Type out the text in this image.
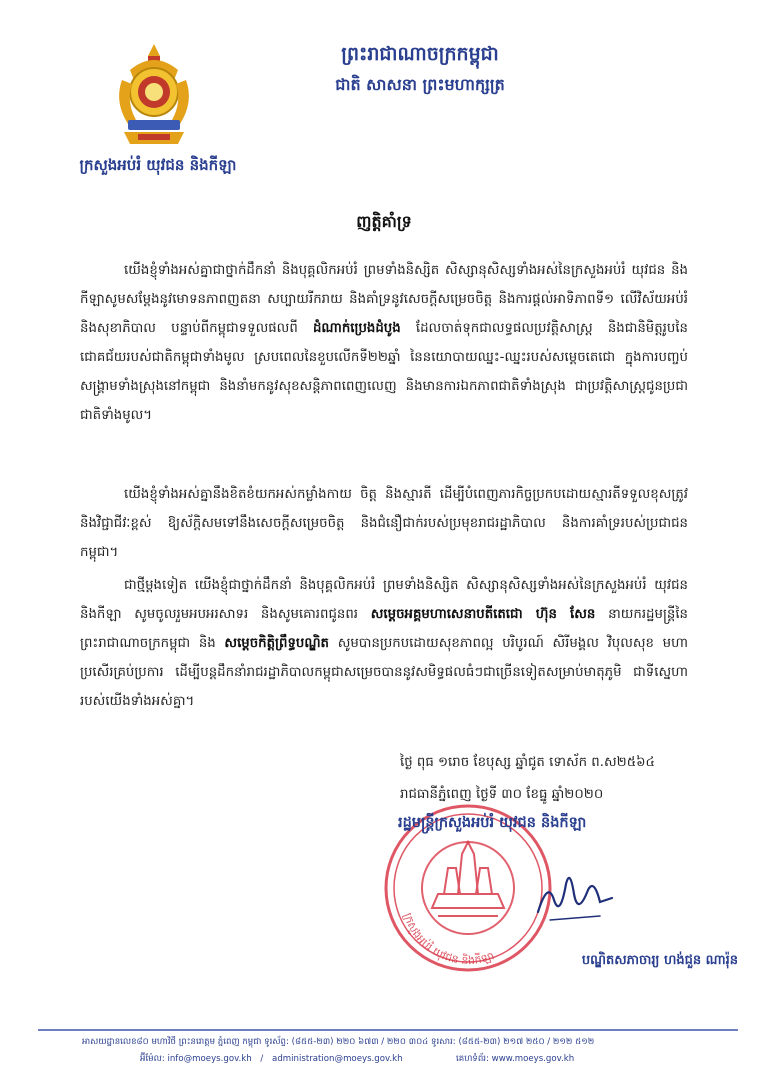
ក្រសួងអប់រំ យុវជន និងកីឡា
ព្រះរាជាណាចក្រកម្ពុជា
ជាតិ សាសនា ព្រះមហាក្សត្រ
ញត្តិគាំទ្រ
យើងខ្ញុំទាំងអស់គ្នាជាថ្នាក់ដឹកនាំ និងបុគ្គលិកអប់រំ ព្រមទាំងនិស្សិត សិស្សានុសិស្សទាំងអស់នៃក្រសួងអប់រំ យុវជន និងកីឡាសូមសម្តែងនូវមោទនភាពញតនា សប្បាយរីករាយ និងគាំទ្រនូវសេចក្តីសម្រេចចិត្ត និងការផ្តល់អាទិភាពទី១ លើវិស័យអប់រំ និងសុខាភិបាល បន្ទាប់ពីកម្ពុជាទទួលផលពី ដំណាក់ប្រេងដំបូង ដែលចាត់ទុកជាលទ្ធផលប្រវត្តិសាស្ត្រ និងជានិមិត្តរូបនៃជោគជ័យរបស់ជាតិកម្ពុជាទាំងមូល ស្របពេលនៃខួបលើកទី២២ឆ្នាំ នៃនយោបាយឈ្នះ-ឈ្នះរបស់សម្តេចតេជោ ក្នុងការបញ្ចប់សង្គ្រាមទាំងស្រុងនៅកម្ពុជា និងនាំមកនូវសុខសន្តិភាពពេញលេញ និងមានការឯកភាពជាតិទាំងស្រុង ជាប្រវត្តិសាស្ត្រជូនប្រជាជាតិទាំងមូល។
យើងខ្ញុំទាំងអស់គ្នានឹងខិតខំយកអស់កម្លាំងកាយ ចិត្ត និងស្មារតី ដើម្បីបំពេញភារកិច្ចប្រកបដោយស្មារតីទទួលខុសត្រូវ និងវិជ្ជាជីវៈខ្ពស់ ឱ្យស័ក្តិសមទៅនឹងសេចក្តីសម្រេចចិត្ត និងជំនឿជាក់របស់ប្រមុខរាជរដ្ឋាភិបាល និងការគាំទ្ររបស់ប្រជាជនកម្ពុជា។
ជាថ្មីម្តងទៀត យើងខ្ញុំជាថ្នាក់ដឹកនាំ និងបុគ្គលិកអប់រំ ព្រមទាំងនិស្សិត សិស្សានុសិស្សទាំងអស់នៃក្រសួងអប់រំ យុវជន និងកីឡា សូមចូលរួមអបអរសាទរ និងសូមគោរពជូនពរ សម្តេចអគ្គមហាសេនាបតីតេជោ ហ៊ុន សែន នាយករដ្ឋមន្ត្រីនៃព្រះរាជាណាចក្រកម្ពុជា និង សម្តេចកិត្តិព្រឹទ្ធបណ្ឌិត សូមបានប្រកបដោយសុខភាពល្អ បរិបូរណ៍ សិរីមង្គល វិបុលសុខ មហាប្រសើរគ្រប់ប្រការ ដើម្បីបន្តដឹកនាំរាជរដ្ឋាភិបាលកម្ពុជាសម្រេចបាននូវសមិទ្ធផលធំៗជាច្រើនទៀតសម្រាប់មាតុភូមិ ជាទីស្នេហារបស់យើងទាំងអស់គ្នា។
ថ្ងៃ ពុធ ១រោច ខែបុស្ស ឆ្នាំជូត ទោស័ក ព.ស២៥៦៤
រាជធានីភ្នំពេញ ថ្ងៃទី ៣០ ខែធ្នូ ឆ្នាំ២០២០
ក្រសួងអប់រំ យុវជន និងកីឡា
រដ្ឋមន្ត្រីក្រសួងអប់រំ យុវជន និងកីឡា
បណ្ឌិតសភាចារ្យ ហង់ជួន ណារ៉ុន
អាសយដ្ឋានលេខ៨០ មហាវិថី ព្រះនរោត្តម ភ្នំពេញ កម្ពុជា ទូរស័ព្ទ: (៨៥៥-២៣) ២២០ ៦៧៣ / ២២០ ៣០៤ ទូរសារ: (៨៥៥-២៣) ២១៧ ២៥០ / ២១២ ៥១២
អ៊ីម៉ែល: info@moeys.gov.kh / administration@moeys.gov.kh	គេហទំព័រ: www.moeys.gov.kh
